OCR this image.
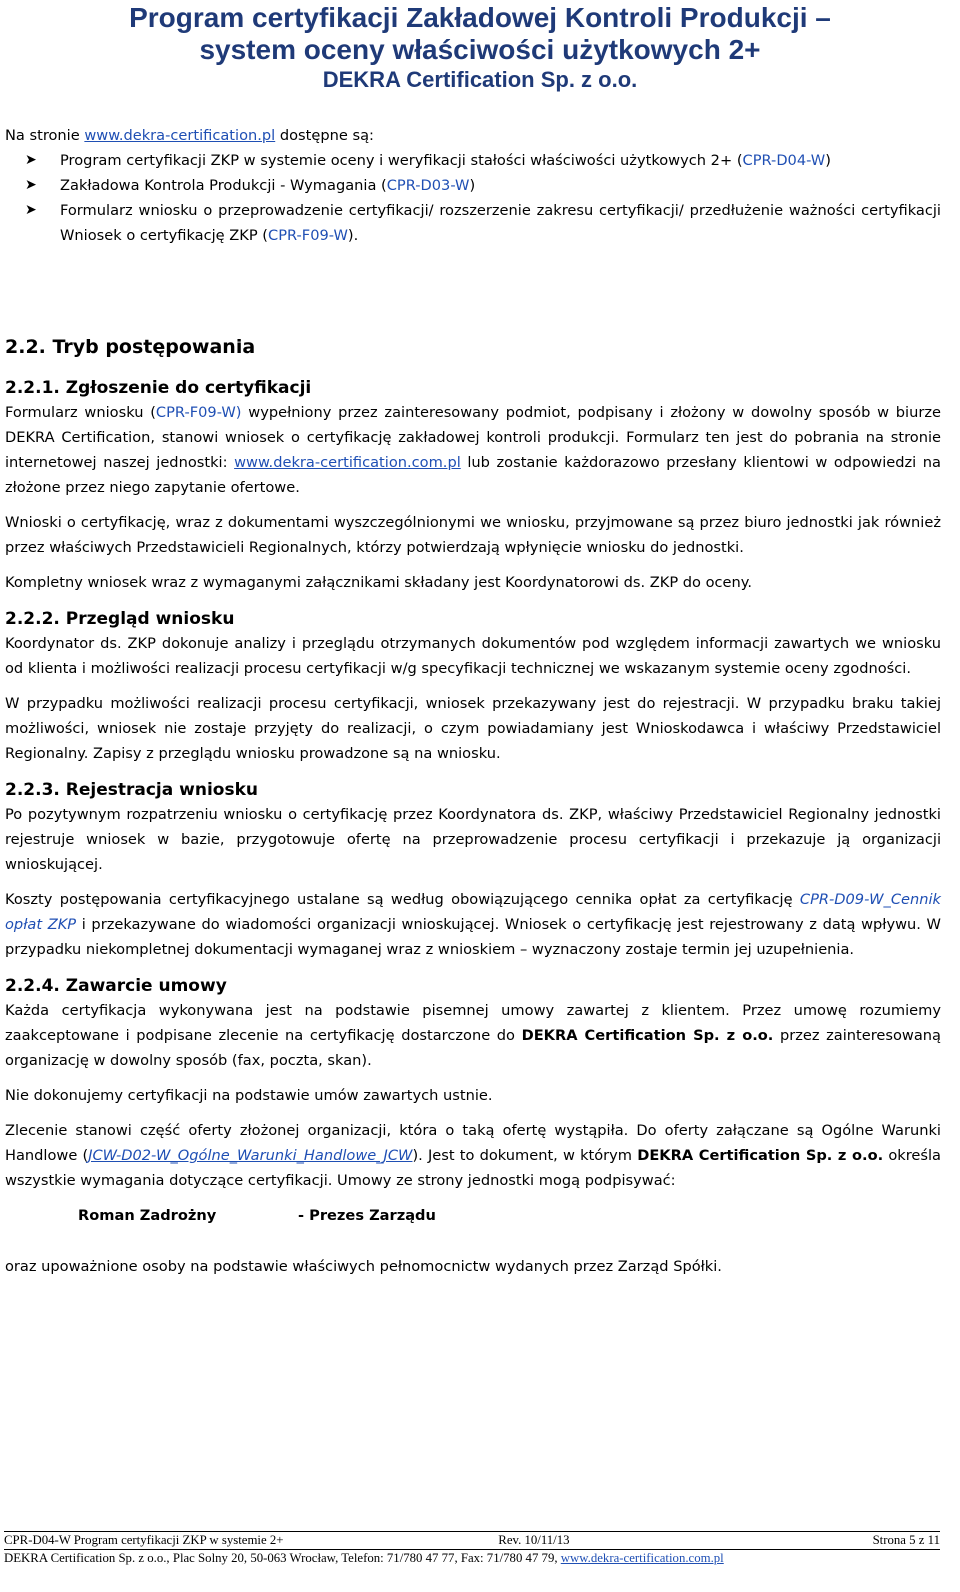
Program certyfikacji Zakładowej Kontroli Produkcji –
system oceny właściwości użytkowych 2+
DEKRA Certification Sp. z o.o.

Na stronie www.dekra-certification.pl dostępne są:

➤ Program certyfikacji ZKP w systemie oceny i weryfikacji stałości właściwości użytkowych 2+ (CPR-D04-W)
➤ Zakładowa Kontrola Produkcji - Wymagania (CPR-D03-W)
➤ Formularz wniosku o przeprowadzenie certyfikacji/ rozszerzenie zakresu certyfikacji/ przedłużenie ważności certyfikacji Wniosek o certyfikację ZKP (CPR-F09-W).
2.2. Tryb postępowania
2.2.1. Zgłoszenie do certyfikacji

Formularz wniosku (CPR-F09-W) wypełniony przez zainteresowany podmiot, podpisany i złożony w dowolny sposób w biurze DEKRA Certification, stanowi wniosek o certyfikację zakładowej kontroli produkcji. Formularz ten jest do pobrania na stronie internetowej naszej jednostki: www.dekra-certification.com.pl lub zostanie każdorazowo przesłany klientowi w odpowiedzi na złożone przez niego zapytanie ofertowe.

Wnioski o certyfikację, wraz z dokumentami wyszczególnionymi we wniosku, przyjmowane są przez biuro jednostki jak również przez właściwych Przedstawicieli Regionalnych, którzy potwierdzają wpłynięcie wniosku do jednostki.

Kompletny wniosek wraz z wymaganymi załącznikami składany jest Koordynatorowi ds. ZKP do oceny.

2.2.2. Przegląd wniosku

Koordynator ds. ZKP dokonuje analizy i przeglądu otrzymanych dokumentów pod względem informacji zawartych we wniosku od klienta i możliwości realizacji procesu certyfikacji w/g specyfikacji technicznej we wskazanym systemie oceny zgodności.

W przypadku możliwości realizacji procesu certyfikacji, wniosek przekazywany jest do rejestracji. W przypadku braku takiej możliwości, wniosek nie zostaje przyjęty do realizacji, o czym powiadamiany jest Wnioskodawca i właściwy Przedstawiciel Regionalny. Zapisy z przeglądu wniosku prowadzone są na wniosku.

2.2.3. Rejestracja wniosku

Po pozytywnym rozpatrzeniu wniosku o certyfikację przez Koordynatora ds. ZKP, właściwy Przedstawiciel Regionalny jednostki rejestruje wniosek w bazie, przygotowuje ofertę na przeprowadzenie procesu certyfikacji i przekazuje ją organizacji wnioskującej.

Koszty postępowania certyfikacyjnego ustalane są według obowiązującego cennika opłat za certyfikację CPR-D09-W_Cennik opłat ZKP i przekazywane do wiadomości organizacji wnioskującej. Wniosek o certyfikację jest rejestrowany z datą wpływu. W przypadku niekompletnej dokumentacji wymaganej wraz z wnioskiem – wyznaczony zostaje termin jej uzupełnienia.

2.2.4. Zawarcie umowy

Każda certyfikacja wykonywana jest na podstawie pisemnej umowy zawartej z klientem. Przez umowę rozumiemy zaakceptowane i podpisane zlecenie na certyfikację dostarczone do DEKRA Certification Sp. z o.o. przez zainteresowaną organizację w dowolny sposób (fax, poczta, skan).

Nie dokonujemy certyfikacji na podstawie umów zawartych ustnie.

Zlecenie stanowi część oferty złożonej organizacji, która o taką ofertę wystąpiła. Do oferty załączane są Ogólne Warunki Handlowe (JCW-D02-W_Ogólne_Warunki_Handlowe_JCW). Jest to dokument, w którym DEKRA Certification Sp. z o.o. określa wszystkie wymagania dotyczące certyfikacji. Umowy ze strony jednostki mogą podpisywać:

Roman Zadrożny	- Prezes Zarządu

oraz upoważnione osoby na podstawie właściwych pełnomocnictw wydanych przez Zarząd Spółki.

CPR-D04-W Program certyfikacji ZKP w systemie 2+	Rev. 10/11/13	Strona 5 z 11
DEKRA Certification Sp. z o.o., Plac Solny 20, 50-063 Wrocław, Telefon: 71/780 47 77, Fax: 71/780 47 79, www.dekra-certification.com.pl
